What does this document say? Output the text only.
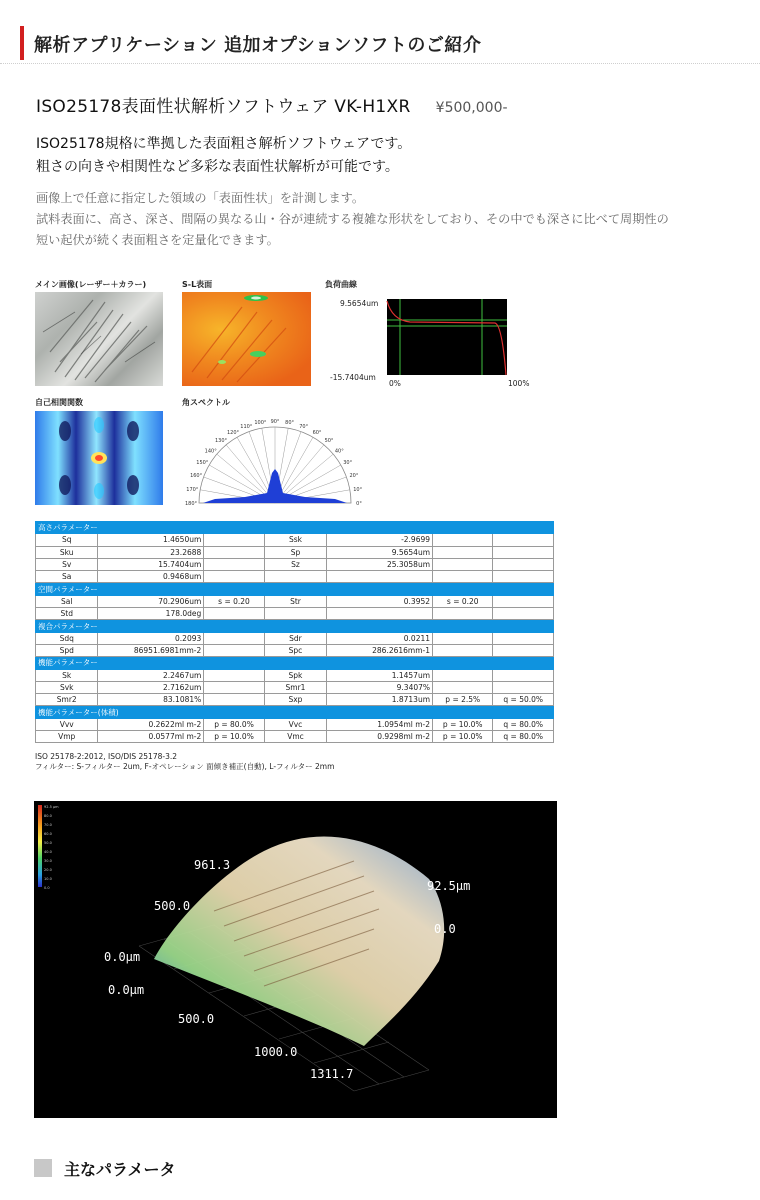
解析アプリケーション 追加オプションソフトのご紹介
ISO25178表面性状解析ソフトウェア VK-H1XR ¥500,000-
ISO25178規格に準拠した表面粗さ解析ソフトウェアです。
粗さの向きや相関性など多彩な表面性状解析が可能です。
画像上で任意に指定した領域の「表面性状」を計測します。
試料表面に、高さ、深さ、間隔の異なる山・谷が連続する複雑な形状をしており、その中でも深さに比べて周期性の
短い起伏が続く表面粗さを定量化できます。
メイン画像(レーザー＋カラー)	S-L表面	負荷曲線
自己相関関数	角スペクトル
9.5654um
-15.7404um
0%	100%
180°
170°
160°
150°
140°
130°
120°
110°
100° 90° 80°
70°
60°
50°
40°
30°
20°
10°
0°
高さパラメーター						
Sq	1.4650um		Ssk	-2.9699		
Sku	23.2688		Sp	9.5654um		
Sv	15.7404um		Sz	25.3058um		
Sa	0.9468um					
空間パラメーター						
Sal	70.2906um	s = 0.20	Str	0.3952	s = 0.20	
Std	178.0deg					
複合パラメーター						
Sdq	0.2093		Sdr	0.0211		
Spd	86951.6981mm-2		Spc	286.2616mm-1		
機能パラメーター						
Sk	2.2467um		Spk	1.1457um		
Svk	2.7162um		Smr1	9.3407%		
Smr2	83.1081%		Sxp	1.8713um	p = 2.5%	q = 50.0%
機能パラメーター(体積)						
Vvv	0.2622ml m-2	p = 80.0%	Vvc	1.0954ml m-2	p = 10.0%	q = 80.0%
Vmp	0.0577ml m-2	p = 10.0%	Vmc	0.9298ml m-2	p = 10.0%	q = 80.0%
ISO 25178-2:2012, ISO/DIS 25178-3.2
フィルター: S-フィルター 2um, F-オペレーション 面傾き補正(自動), L-フィルター 2mm
92.5 μm
80.0
70.0
60.0
50.0
40.0
30.0
20.0
10.0
0.0
961.3
500.0
0.0μm
0.0μm
500.0
1000.0
1311.7
92.5μm
0.0
主なパラメータ
